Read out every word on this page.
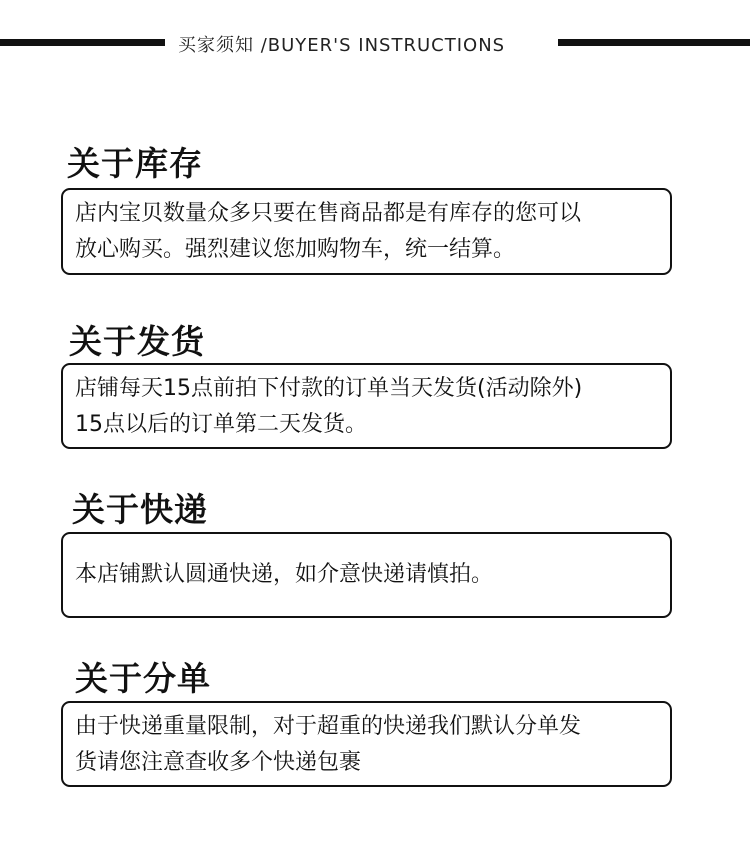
买家须知 /BUYER'S INSTRUCTIONS
关于库存

店内宝贝数量众多只要在售商品都是有库存的您可以

放心购买。强烈建议您加购物车，统一结算。

关于发货

店铺每天15点前拍下付款的订单当天发货(活动除外)

15点以后的订单第二天发货。

关于快递

本店铺默认圆通快递，如介意快递请慎拍。

关于分单

由于快递重量限制，对于超重的快递我们默认分单发

货请您注意查收多个快递包裹
